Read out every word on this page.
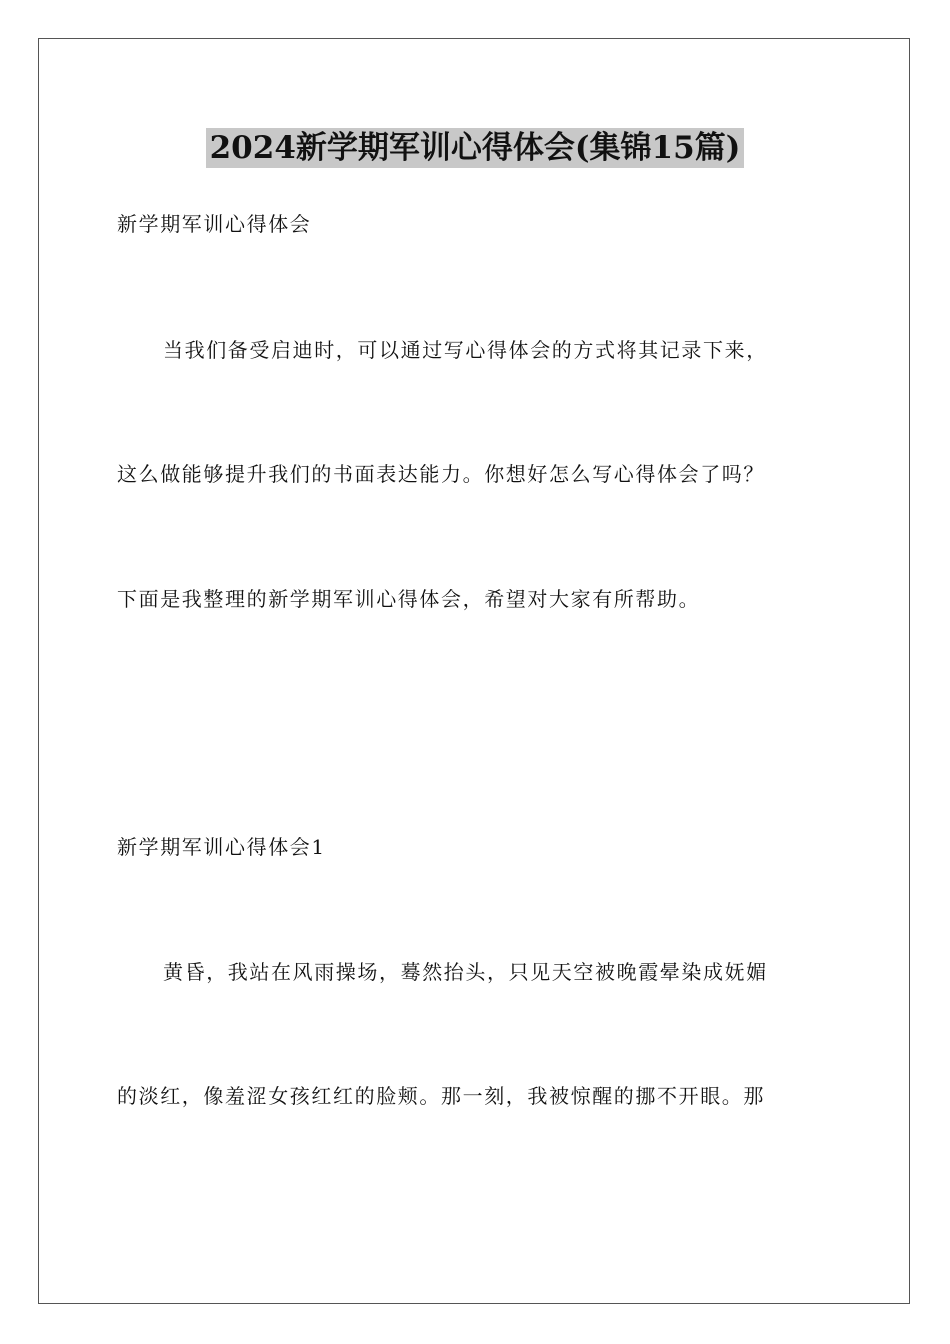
2024新学期军训心得体会(集锦15篇)
新学期军训心得体会
当我们备受启迪时，可以通过写心得体会的方式将其记录下来，
这么做能够提升我们的书面表达能力。你想好怎么写心得体会了吗？
下面是我整理的新学期军训心得体会，希望对大家有所帮助。
新学期军训心得体会1
黄昏，我站在风雨操场，蓦然抬头，只见天空被晚霞晕染成妩媚
的淡红，像羞涩女孩红红的脸颊。那一刻，我被惊醒的挪不开眼。那
